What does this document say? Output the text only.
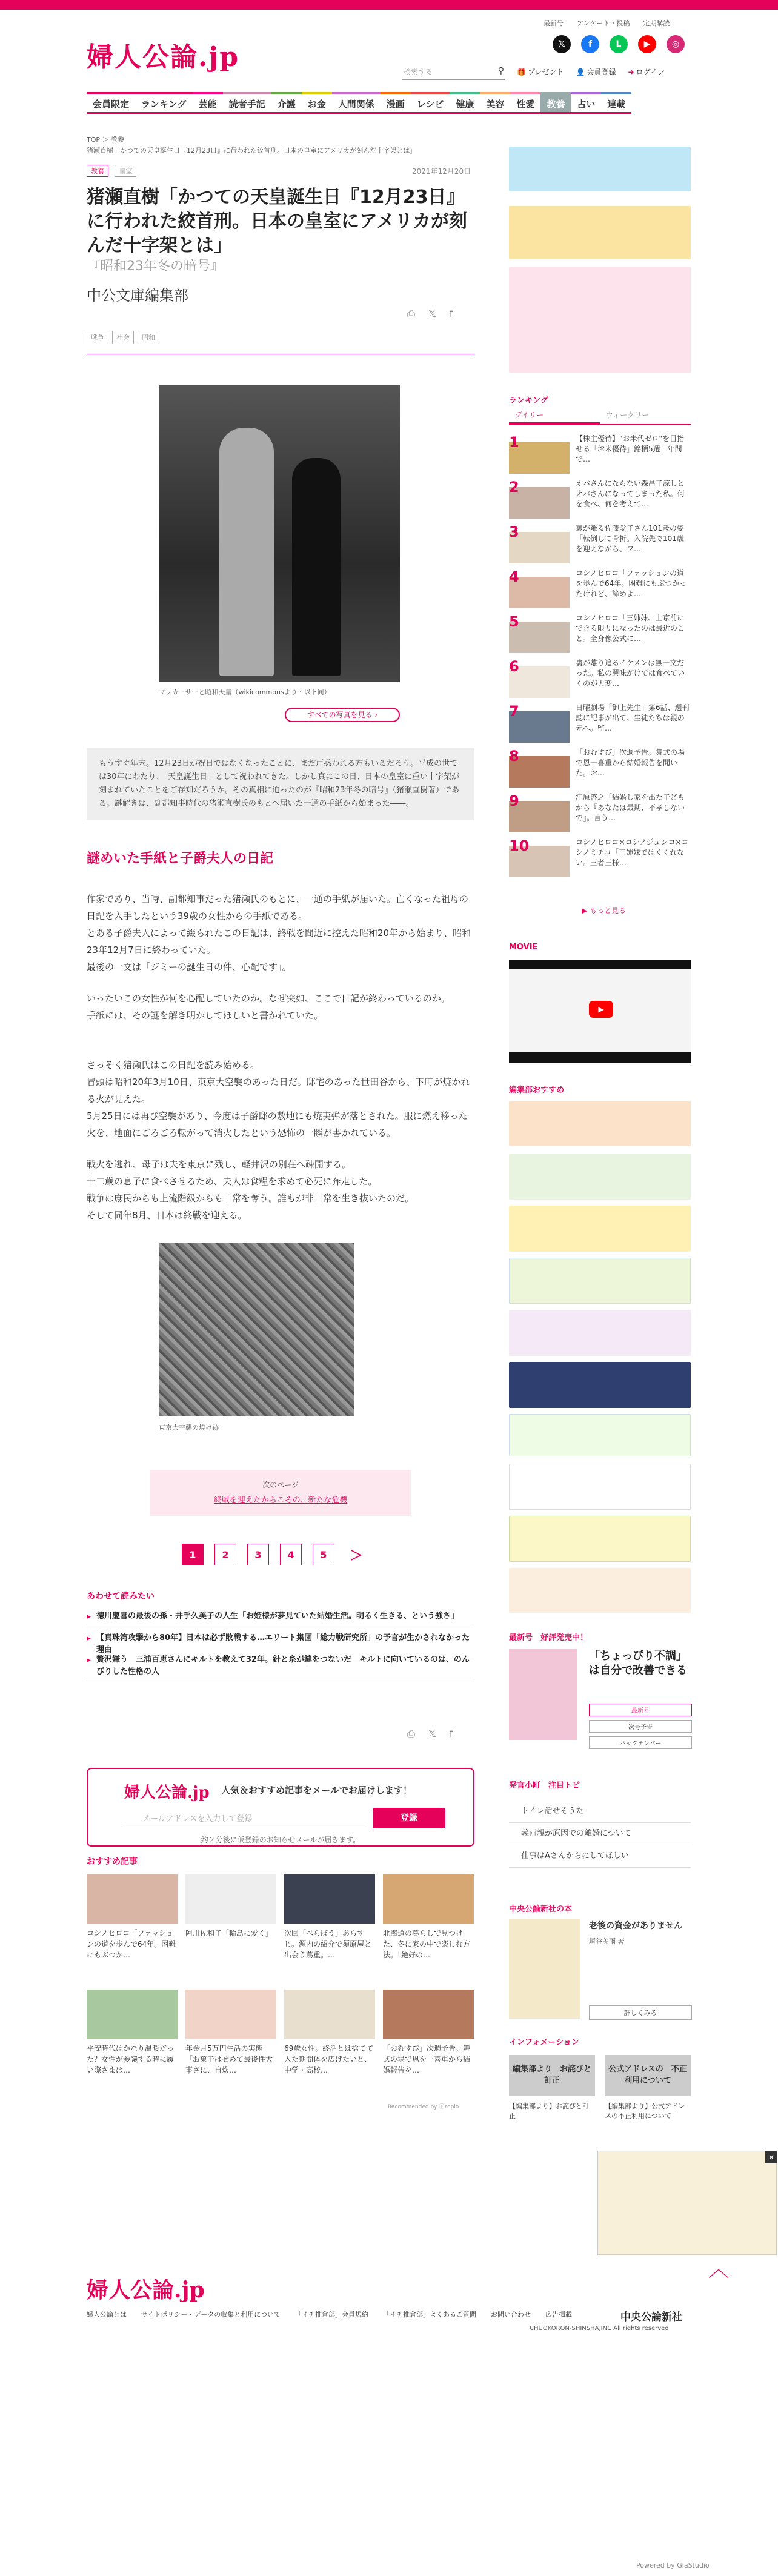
婦人公論.jp
最新号 アンケート・投稿 定期購読
𝕏	f	L	▶	◎
検索する	⚲ 🎁 プレゼント 👤 会員登録 ➜ ログイン
会員限定	ランキング	芸能	読者手記	介護	お金	人間関係	漫画	レシピ	健康	美容	性愛	教養	占い	連載
TOP ＞ 教養
猪瀬直樹「かつての天皇誕生日『12月23日』に行われた絞首刑。日本の皇室にアメリカが刻んだ十字架とは」
教養 皇室	2021年12月20日
猪瀬直樹「かつての天皇誕生日『12月23日』に行われた絞首刑。日本の皇室にアメリカが刻んだ十字架とは」
『昭和23年冬の暗号』
中公文庫編集部
⎙ 𝕏 f
戦争	社会	昭和
マッカーサーと昭和天皇（wikicommonsより・以下同）
すべての写真を見る ›
もうすぐ年末。12月23日が祝日ではなくなったことに、まだ戸惑われる方もいるだろう。平成の世では30年にわたり、「天皇誕生日」として祝われてきた。しかし真にこの日、日本の皇室に重い十字架が刻まれていたことをご存知だろうか。その真相に迫ったのが『昭和23年冬の暗号』（猪瀬直樹著）である。謎解きは、副都知事時代の猪瀬直樹氏のもとへ届いた一通の手紙から始まった――。
謎めいた手紙と子爵夫人の日記

作家であり、当時、副都知事だった猪瀬氏のもとに、一通の手紙が届いた。亡くなった祖母の日記を入手したという39歳の女性からの手紙である。

とある子爵夫人によって綴られたこの日記は、終戦を間近に控えた昭和20年から始まり、昭和23年12月7日に終わっていた。

最後の一文は「ジミーの誕生日の件、心配です」。

いったいこの女性が何を心配していたのか。なぜ突如、ここで日記が終わっているのか。

手紙には、その謎を解き明かしてほしいと書かれていた。

さっそく猪瀬氏はこの日記を読み始める。

冒頭は昭和20年3月10日、東京大空襲のあった日だ。邸宅のあった世田谷から、下町が焼かれる火が見えた。

5月25日には再び空襲があり、今度は子爵邸の敷地にも焼夷弾が落とされた。服に燃え移った火を、地面にごろごろ転がって消火したという恐怖の一瞬が書かれている。

戦火を逃れ、母子は夫を東京に残し、軽井沢の別荘へ疎開する。

十二歳の息子に食べさせるため、夫人は食糧を求めて必死に奔走した。

戦争は庶民からも上流階級からも日常を奪う。誰もが非日常を生き抜いたのだ。

そして同年8月、日本は終戦を迎える。

東京大空襲の焼け跡
次のページ
終戦を迎えたからこその、新たな危機
1	2	3	4	5	＞
あわせて読みたい
▶ 徳川慶喜の最後の孫・井手久美子の人生「お姫様が夢見ていた結婚生活。明るく生きる、という強さ」
▶ 【真珠湾攻撃から80年】日本は必ず敗戦する…エリート集団「総力戦研究所」の予言が生かされなかった理由
▶ 贅沢嫌う　三浦百恵さんにキルトを教えて32年。針と糸が縫をつないだ　キルトに向いているのは、のんびりした性格の人
⎙ 𝕏 f
婦人公論.jp 人気＆おすすめ記事をメールでお届けします！
メールアドレスを入力して登録	登録
約２分後に仮登録のお知らせメールが届きます。
おすすめ記事
コシノヒロコ「ファッションの道を歩んで64年。困難にもぶつか…
阿川佐和子「輪島に愛く」	次回「べらぼう」あらすじ。源内の紹介で須原屋と出会う蔦重。…
北海道の暮らしで見つけた、冬に家の中で楽しむ方法。「絶好の…
平安時代はかなり温暖だった？女性が参議する時に履い際さまは…
年金月5万円生活の実態「お菓子はせめて最後性大事さに、自炊…
69歳女性。終活とは捨てて入た期間体を広げたいと、中学・高校…
「おむすび」次週予告。舞式の場で恩を一喜重から結婚報告を…
Recommended by ⓘzoplo
ランキング
デイリー	ウィークリー
1	【株主優待】"お米代ゼロ"を目指せる「お米優待」銘柄5選！年間で…
2	オバさんにならない森昌子涼しとオバさんになってしまった私。何を食べ、何を考えて…
3	裏が離る佐藤愛子さん101歳の姿「転倒して骨折。入院先で101歳を迎えながら、フ…
4	コシノヒロコ「ファッションの道を歩んで64年。困難にもぶつかったけれど、諦めよ…
5	コシノヒロコ「三姉妹、上京前にできる限りになったのは最近のこと。全身像公式に…
6	裏が離り追るイケメンは無一文だった。私の興味がけでは食べていくのが大変…
7	日曜劇場「御上先生」第6話、週刊誌に記事が出て、生徒たちは親の元へ。監…
8	「おむすび」次週予告。舞式の場で恩一喜重から結婚報告を聞いた。お…
9	江原啓之「結婚し家を出た子どもから『あなたは最期、不孝しないで』。言う…
10	コシノヒロコ×コシノジュンコ×コシノミチコ「三姉妹ではくくれない。三者三様…
▶ もっと見る
MOVIE
▶
編集部おすすめ
最新号　好評発売中！
「ちょっぴり不調」は自分で改善できる
最新号
次号予告
バックナンバー
発言小町　注目トピ
トイレ話せそうた
義両親が原因での離婚について
仕事はAさんからにしてほしい
中央公論新社の本
老後の資金がありません
垣谷美雨 著
詳しくみる
インフォメーション
編集部より　お詫びと訂正
公式アドレスの　不正利用について
【編集部より】お詫びと訂正
【編集部より】公式アドレスの不正利用について
✕
︿
婦人公論.jp
婦人公論とは サイトポリシー・データの収集と利用について 「イチ推倉部」会員規約 「イチ推倉部」よくあるご質問 お問い合わせ 広告掲載	中央公論新社
CHUOKORON-SHINSHA,INC All rights reserved
Powered by GlaStudio
